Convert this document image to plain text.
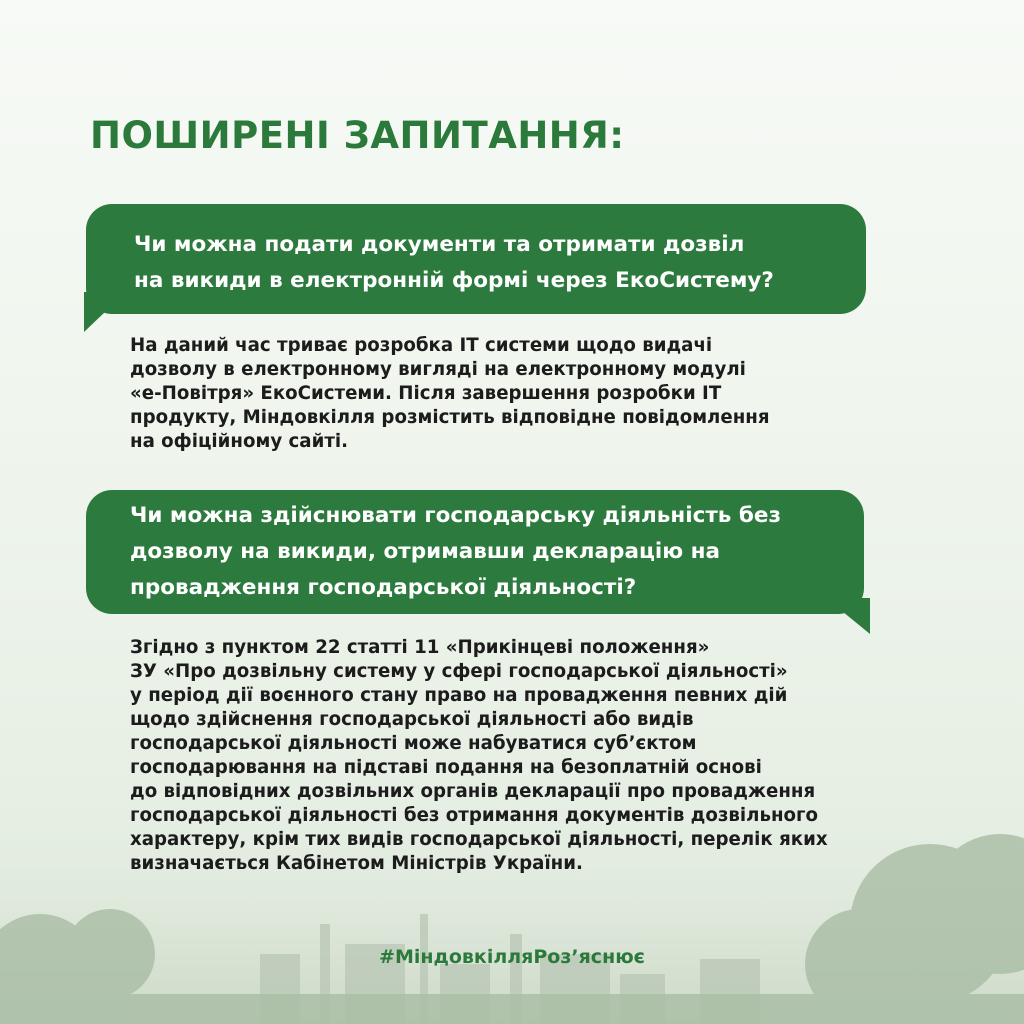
ПОШИРЕНІ ЗАПИТАННЯ:
Чи можна подати документи та отримати дозвіл
на викиди в електронній формі через ЕкоСистему?

На даний час триває розробка ІТ системи щодо видачі
дозволу в електронному вигляді на електронному модулі
«е-Повітря» ЕкоСистеми. Після завершення розробки ІТ
продукту, Міндовкілля розмістить відповідне повідомлення
на офіційному сайті.

Чи можна здійснювати господарську діяльність без
дозволу на викиди, отримавши декларацію на
провадження господарської діяльності?

Згідно з пунктом 22 статті 11 «Прикінцеві положення»
ЗУ «Про дозвільну систему у сфері господарської діяльності»
у період дії воєнного стану право на провадження певних дій
щодо здійснення господарської діяльності або видів
господарської діяльності може набуватися суб’єктом
господарювання на підставі подання на безоплатній основі
до відповідних дозвільних органів декларації про провадження
господарської діяльності без отримання документів дозвільного
характеру, крім тих видів господарської діяльності, перелік яких
визначається Кабінетом Міністрів України.

#МіндовкілляРоз’яснює
